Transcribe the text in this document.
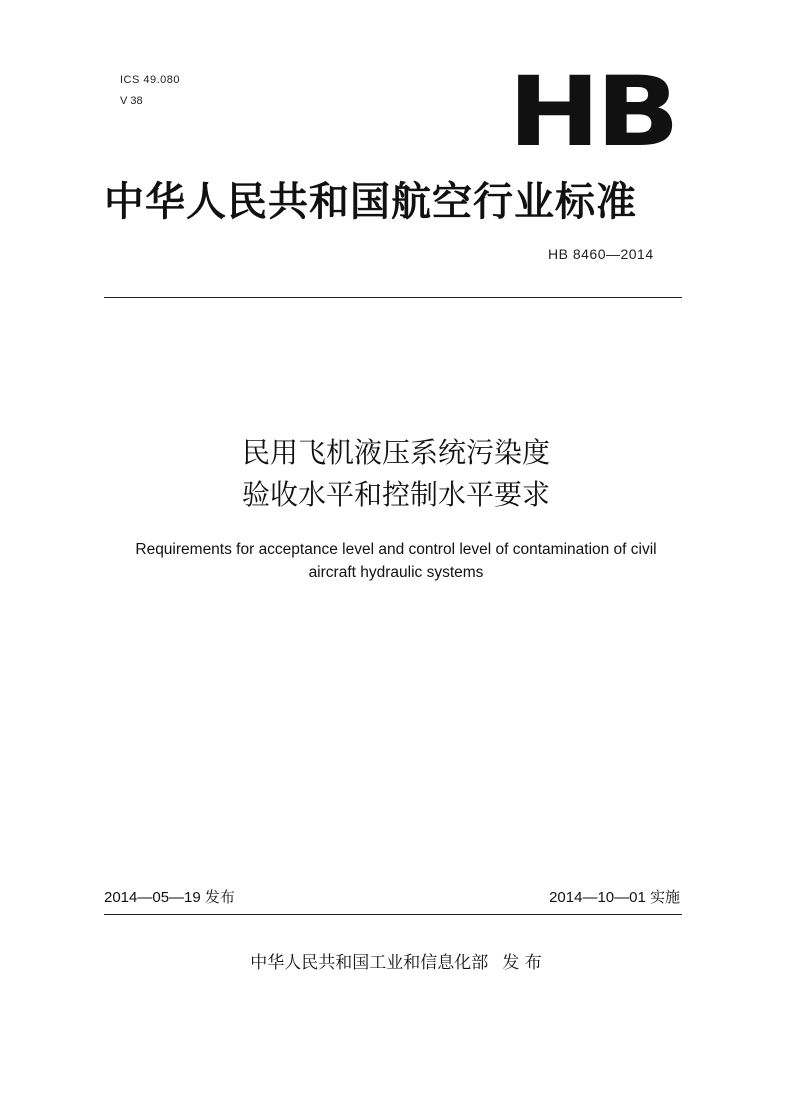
ICS 49.080
V 38	HB
中华人民共和国航空行业标准
HB 8460—2014
民用飞机液压系统污染度
验收水平和控制水平要求
Requirements for acceptance level and control level of contamination of civil
aircraft hydraulic systems
2014—05—19 发布	2014—10—01 实施
中华人民共和国工业和信息化部 发 布
